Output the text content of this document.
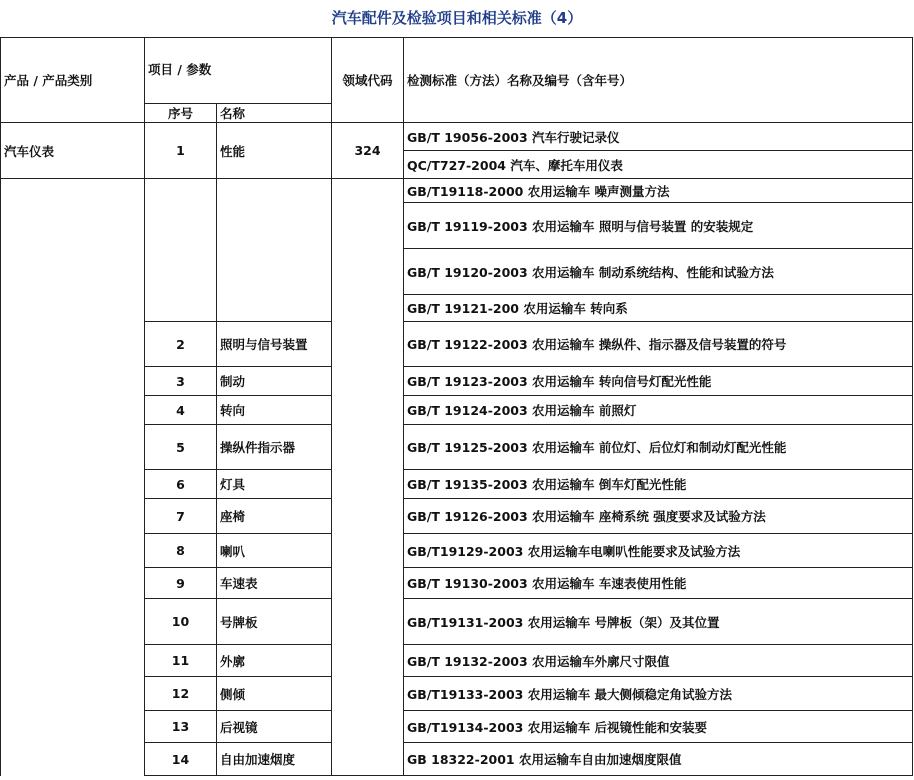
汽车配件及检验项目和相关标准（4）
产品 / 产品类别	项目 / 参数		领域代码	检测标准（方法）名称及编号（含年号）
	序号	名称		
汽车仪表	1	性能	324	GB/T 19056-2003 汽车行驶记录仪
				QC/T727-2004 汽车、摩托车用仪表
				GB/T19118-2000 农用运输车 噪声测量方法
				GB/T 19119-2003 农用运输车 照明与信号装置 的安装规定
				GB/T 19120-2003 农用运输车 制动系统结构、性能和试验方法
				GB/T 19121-200 农用运输车 转向系
	2	照明与信号装置		GB/T 19122-2003 农用运输车 操纵件、指示器及信号装置的符号
	3	制动		GB/T 19123-2003 农用运输车 转向信号灯配光性能
	4	转向		GB/T 19124-2003 农用运输车 前照灯
	5	操纵件指示器		GB/T 19125-2003 农用运输车 前位灯、后位灯和制动灯配光性能
	6	灯具		GB/T 19135-2003 农用运输车 倒车灯配光性能
	7	座椅		GB/T 19126-2003 农用运输车 座椅系统 强度要求及试验方法
	8	喇叭		GB/T19129-2003 农用运输车电喇叭性能要求及试验方法
	9	车速表		GB/T 19130-2003 农用运输车 车速表使用性能
	10	号牌板		GB/T19131-2003 农用运输车 号牌板（架）及其位置
	11	外廓		GB/T 19132-2003 农用运输车外廓尺寸限值
	12	侧倾		GB/T19133-2003 农用运输车 最大侧倾稳定角试验方法
	13	后视镜		GB/T19134-2003 农用运输车 后视镜性能和安装要
	14	自由加速烟度		GB 18322-2001 农用运输车自由加速烟度限值
